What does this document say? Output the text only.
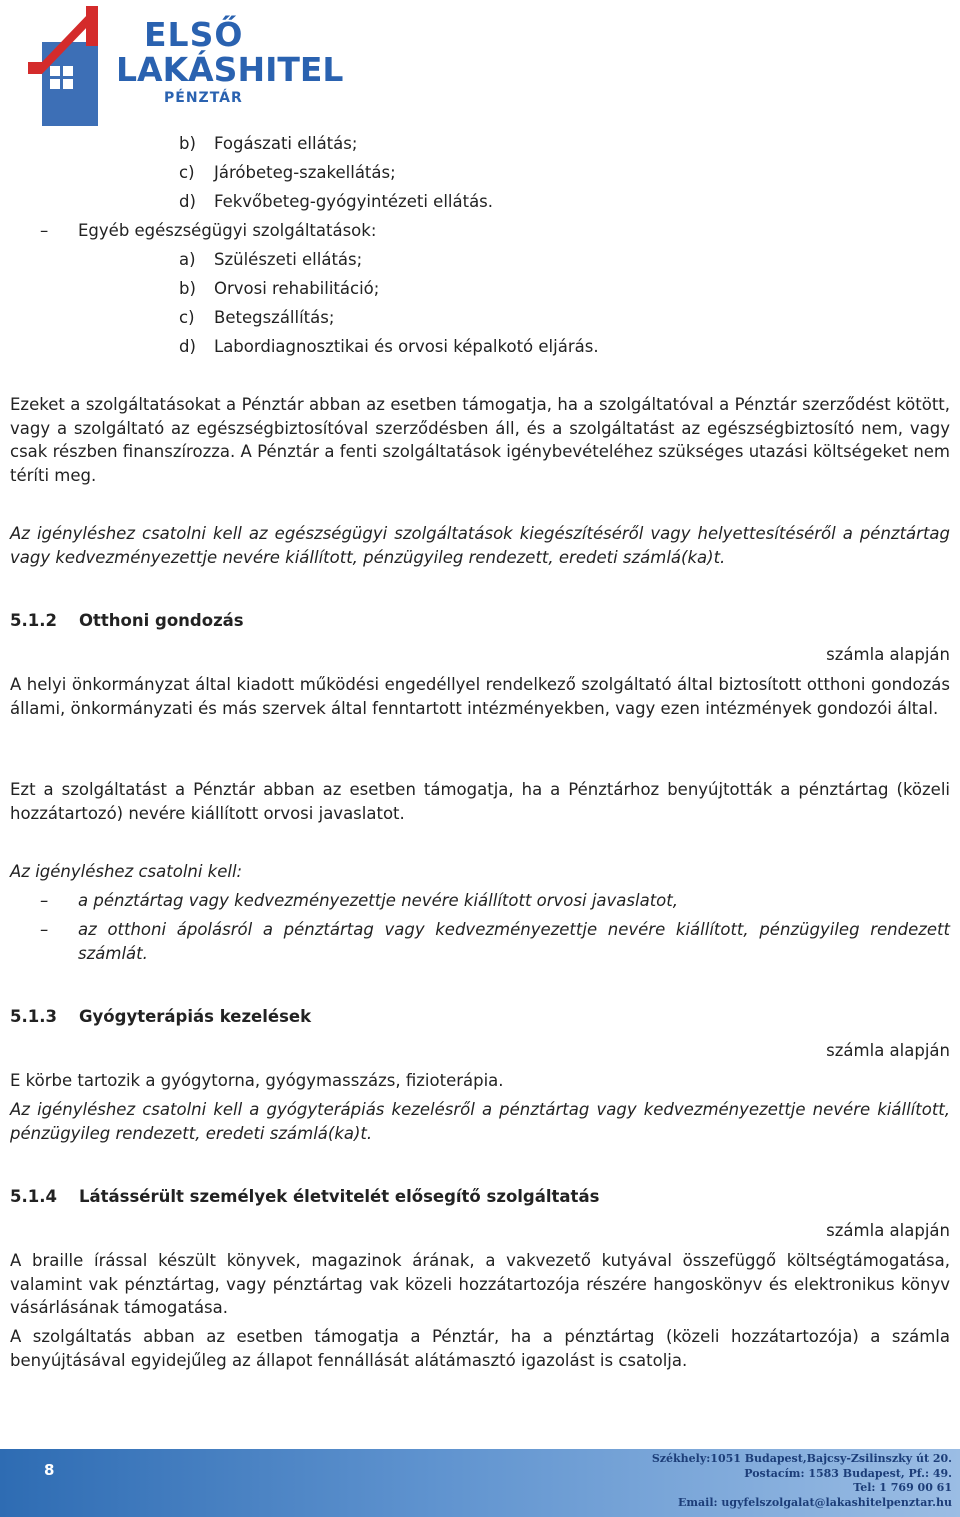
ELSŐ
LAKÁSHITEL
PÉNZTÁR
b) Fogászati ellátás;
c) Járóbeteg-szakellátás;
d) Fekvőbeteg-gyógyintézeti ellátás.
– Egyéb egészségügyi szolgáltatások:
a) Szülészeti ellátás;
b) Orvosi rehabilitáció;
c) Betegszállítás;
d) Labordiagnosztikai és orvosi képalkotó eljárás.
Ezeket a szolgáltatásokat a Pénztár abban az esetben támogatja, ha a szolgáltatóval a Pénztár szerződést kötött, vagy a szolgáltató az egészségbiztosítóval szerződésben áll, és a szolgáltatást az egészségbiztosító nem, vagy csak részben finanszírozza. A Pénztár a fenti szolgáltatások igénybevételéhez szükséges utazási költségeket nem téríti meg.
Az igényléshez csatolni kell az egészségügyi szolgáltatások kiegészítéséről vagy helyettesítéséről a pénztártag vagy kedvezményezettje nevére kiállított, pénzügyileg rendezett, eredeti számlá(ka)t.
5.1.2 Otthoni gondozás
számla alapján
A helyi önkormányzat által kiadott működési engedéllyel rendelkező szolgáltató által biztosított otthoni gondozás állami, önkormányzati és más szervek által fenntartott intézményekben, vagy ezen intézmények gondozói által.
Ezt a szolgáltatást a Pénztár abban az esetben támogatja, ha a Pénztárhoz benyújtották a pénztártag (közeli hozzátartozó) nevére kiállított orvosi javaslatot.
Az igényléshez csatolni kell:
– a pénztártag vagy kedvezményezettje nevére kiállított orvosi javaslatot,
– az otthoni ápolásról a pénztártag vagy kedvezményezettje nevére kiállított, pénzügyileg rendezett számlát.
5.1.3 Gyógyterápiás kezelések
számla alapján
E körbe tartozik a gyógytorna, gyógymasszázs, fizioterápia.
Az igényléshez csatolni kell a gyógyterápiás kezelésről a pénztártag vagy kedvezményezettje nevére kiállított, pénzügyileg rendezett, eredeti számlá(ka)t.
5.1.4 Látássérült személyek életvitelét elősegítő szolgáltatás
számla alapján
A braille írással készült könyvek, magazinok árának, a vakvezető kutyával összefüggő költségtámogatása, valamint vak pénztártag, vagy pénztártag vak közeli hozzátartozója részére hangoskönyv és elektronikus könyv vásárlásának támogatása.
A szolgáltatás abban az esetben támogatja a Pénztár, ha a pénztártag (közeli hozzátartozója) a számla benyújtásával egyidejűleg az állapot fennállását alátámasztó igazolást is csatolja.
8
Székhely:1051 Budapest,Bajcsy-Zsilinszky út 20.
Postacím: 1583 Budapest, Pf.: 49.
Tel: 1 769 00 61
Email: ugyfelszolgalat@lakashitelpenztar.hu
